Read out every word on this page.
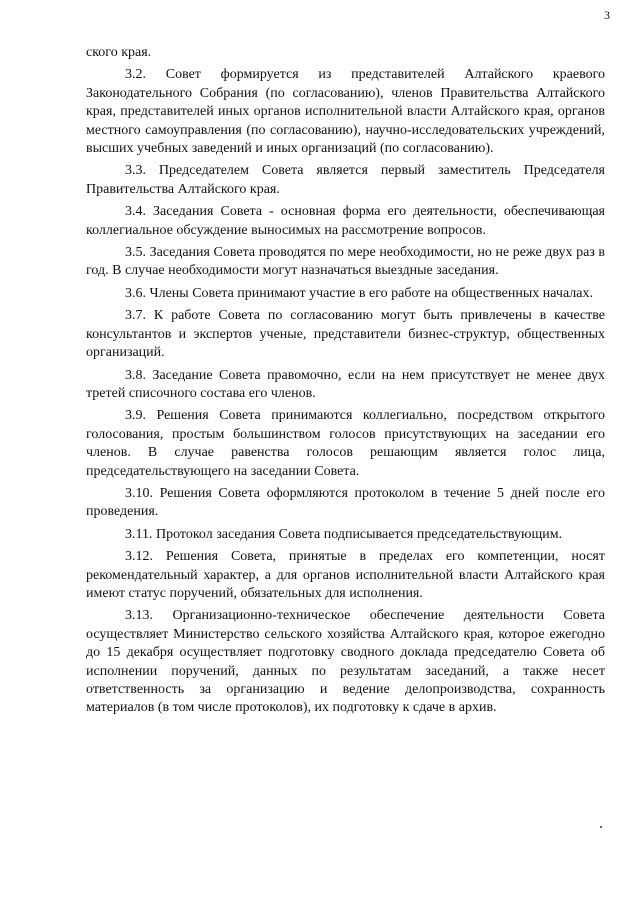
3

ского края.

3.2. Совет формируется из представителей Алтайского краевого Законодательного Собрания (по согласованию), членов Правительства Алтайского края, представителей иных органов исполнительной власти Алтайского края, органов местного самоуправления (по согласованию), научно-исследовательских учреждений, высших учебных заведений и иных организаций (по согласованию).

3.3. Председателем Совета является первый заместитель Председателя Правительства Алтайского края.

3.4. Заседания Совета - основная форма его деятельности, обеспечивающая коллегиальное обсуждение выносимых на рассмотрение вопросов.

3.5. Заседания Совета проводятся по мере необходимости, но не реже двух раз в год. В случае необходимости могут назначаться выездные заседания.

3.6. Члены Совета принимают участие в его работе на общественных началах.

3.7. К работе Совета по согласованию могут быть привлечены в качестве консультантов и экспертов ученые, представители бизнес-структур, общественных организаций.

3.8. Заседание Совета правомочно, если на нем присутствует не менее двух третей списочного состава его членов.

3.9. Решения Совета принимаются коллегиально, посредством открытого голосования, простым большинством голосов присутствующих на заседании его членов. В случае равенства голосов решающим является голос лица, председательствующего на заседании Совета.

3.10. Решения Совета оформляются протоколом в течение 5 дней после его проведения.

3.11. Протокол заседания Совета подписывается председательствующим.

3.12. Решения Совета, принятые в пределах его компетенции, носят рекомендательный характер, а для органов исполнительной власти Алтайского края имеют статус поручений, обязательных для исполнения.

3.13. Организационно-техническое обеспечение деятельности Совета осуществляет Министерство сельского хозяйства Алтайского края, которое ежегодно до 15 декабря осуществляет подготовку сводного доклада председателю Совета об исполнении поручений, данных по результатам заседаний, а также несет ответственность за организацию и ведение делопроизводства, сохранность материалов (в том числе протоколов), их подготовку к сдаче в архив.
